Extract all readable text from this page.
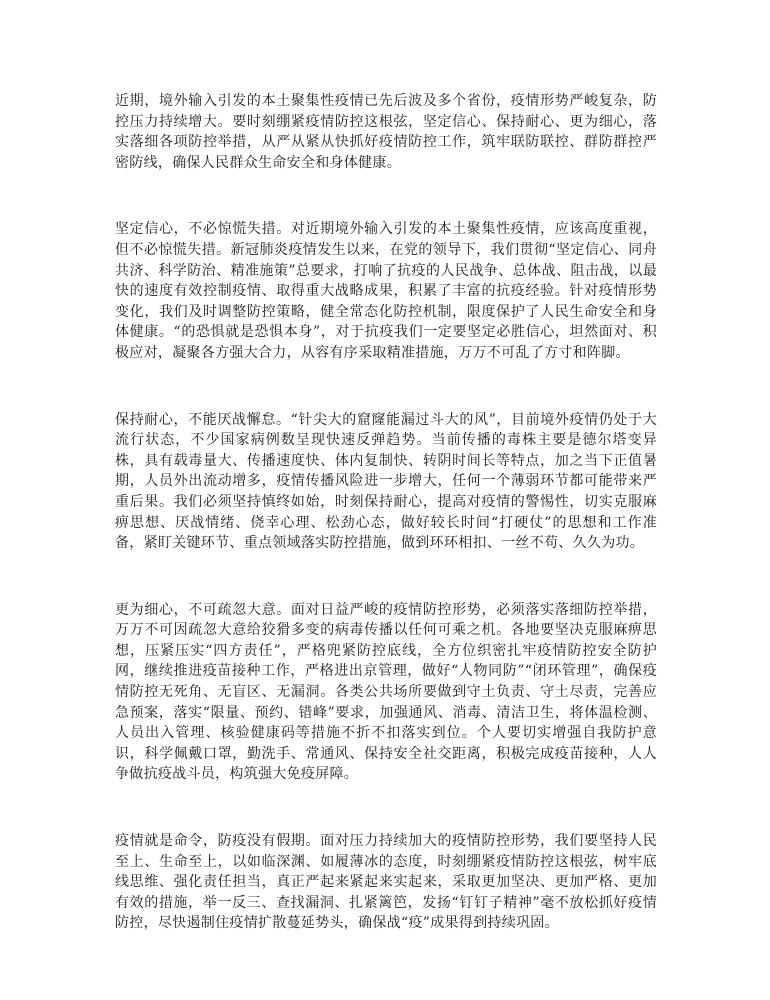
近期，境外输入引发的本土聚集性疫情已先后波及多个省份，疫情形势严峻复杂，防控压力持续增大。要时刻绷紧疫情防控这根弦，坚定信心、保持耐心、更为细心，落实落细各项防控举措，从严从紧从快抓好疫情防控工作，筑牢联防联控、群防群控严密防线，确保人民群众生命安全和身体健康。

坚定信心，不必惊慌失措。对近期境外输入引发的本土聚集性疫情，应该高度重视，但不必惊慌失措。新冠肺炎疫情发生以来，在党的领导下，我们贯彻“坚定信心、同舟共济、科学防治、精准施策”总要求，打响了抗疫的人民战争、总体战、阻击战，以最快的速度有效控制疫情、取得重大战略成果，积累了丰富的抗疫经验。针对疫情形势变化，我们及时调整防控策略，健全常态化防控机制，限度保护了人民生命安全和身体健康。“的恐惧就是恐惧本身”，对于抗疫我们一定要坚定必胜信心，坦然面对、积极应对，凝聚各方强大合力，从容有序采取精准措施，万万不可乱了方寸和阵脚。

保持耐心，不能厌战懈怠。“针尖大的窟窿能漏过斗大的风”，目前境外疫情仍处于大流行状态，不少国家病例数呈现快速反弹趋势。当前传播的毒株主要是德尔塔变异株，具有载毒量大、传播速度快、体内复制快、转阴时间长等特点，加之当下正值暑期，人员外出流动增多，疫情传播风险进一步增大，任何一个薄弱环节都可能带来严重后果。我们必须坚持慎终如始，时刻保持耐心，提高对疫情的警惕性，切实克服麻痹思想、厌战情绪、侥幸心理、松劲心态，做好较长时间“打硬仗”的思想和工作准备，紧盯关键环节、重点领域落实防控措施，做到环环相扣、一丝不苟、久久为功。

更为细心，不可疏忽大意。面对日益严峻的疫情防控形势，必须落实落细防控举措，万万不可因疏忽大意给狡猾多变的病毒传播以任何可乘之机。各地要坚决克服麻痹思想，压紧压实“四方责任”，严格兜紧防控底线，全方位织密扎牢疫情防控安全防护网，继续推进疫苗接种工作，严格进出京管理，做好“人物同防”“闭环管理”，确保疫情防控无死角、无盲区、无漏洞。各类公共场所要做到守土负责、守土尽责，完善应急预案，落实“限量、预约、错峰”要求，加强通风、消毒、清洁卫生，将体温检测、人员出入管理、核验健康码等措施不折不扣落实到位。个人要切实增强自我防护意识，科学佩戴口罩，勤洗手、常通风、保持安全社交距离，积极完成疫苗接种，人人争做抗疫战斗员，构筑强大免疫屏障。

疫情就是命令，防疫没有假期。面对压力持续加大的疫情防控形势，我们要坚持人民至上、生命至上，以如临深渊、如履薄冰的态度，时刻绷紧疫情防控这根弦，树牢底线思维、强化责任担当，真正严起来紧起来实起来，采取更加坚决、更加严格、更加有效的措施，举一反三、查找漏洞、扎紧篱笆，发扬“钉钉子精神”毫不放松抓好疫情防控，尽快遏制住疫情扩散蔓延势头，确保战“疫”成果得到持续巩固。
